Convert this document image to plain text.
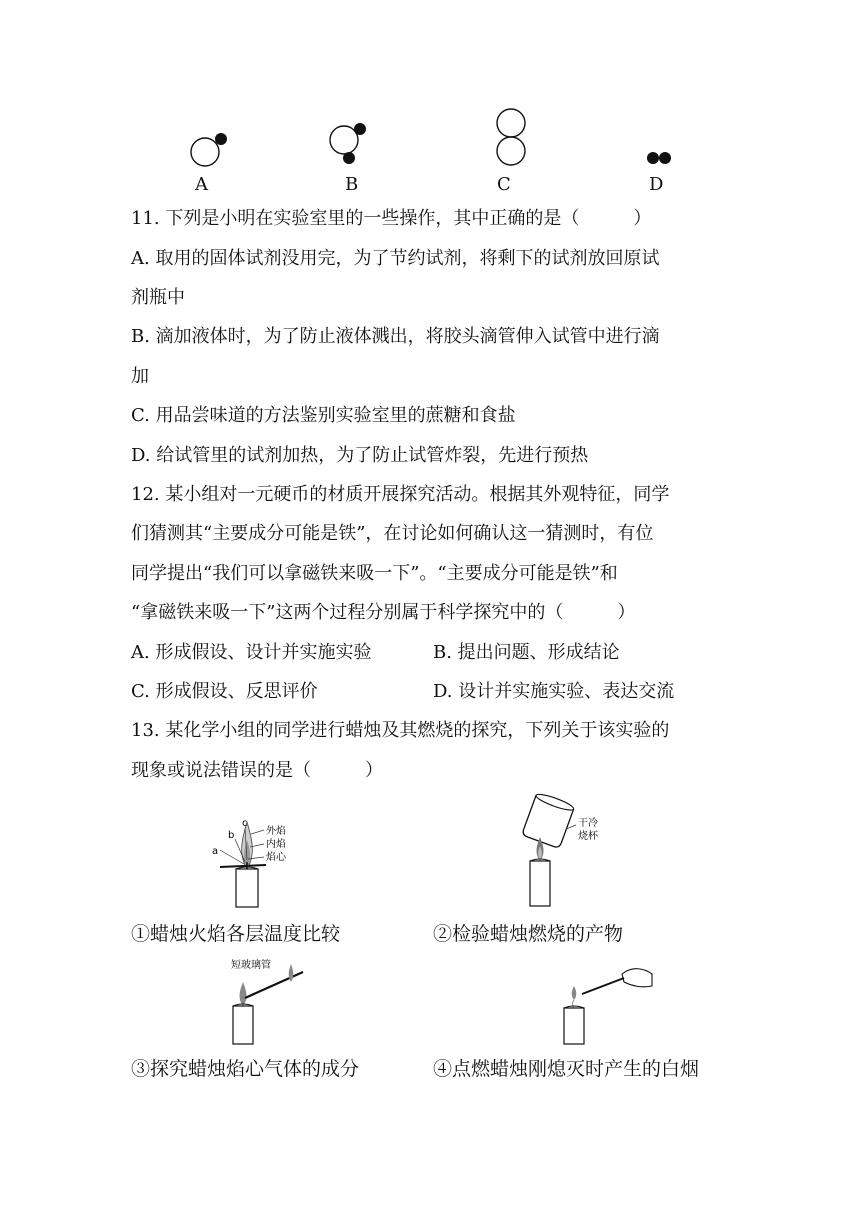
A	B	C	D
11. 下列是小明在实验室里的一些操作，其中正确的是（　　　）
A. 取用的固体试剂没用完，为了节约试剂，将剩下的试剂放回原试
剂瓶中
B. 滴加液体时，为了防止液体溅出，将胶头滴管伸入试管中进行滴
加
C. 用品尝味道的方法鉴别实验室里的蔗糖和食盐
D. 给试管里的试剂加热，为了防止试管炸裂，先进行预热
12. 某小组对一元硬币的材质开展探究活动。根据其外观特征，同学
们猜测其“主要成分可能是铁”，在讨论如何确认这一猜测时，有位
同学提出“我们可以拿磁铁来吸一下”。“主要成分可能是铁”和
“拿磁铁来吸一下”这两个过程分别属于科学探究中的（　　　）
A. 形成假设、设计并实施实验	B. 提出问题、形成结论
C. 形成假设、反思评价	D. 设计并实施实验、表达交流
13. 某化学小组的同学进行蜡烛及其燃烧的探究，下列关于该实验的
现象或说法错误的是（　　　）
a
b
c
外焰
内焰
焰心
①蜡烛火焰各层温度比较
干冷
烧杯
②检验蜡烛燃烧的产物
短玻璃管
③探究蜡烛焰心气体的成分	④点燃蜡烛刚熄灭时产生的白烟
